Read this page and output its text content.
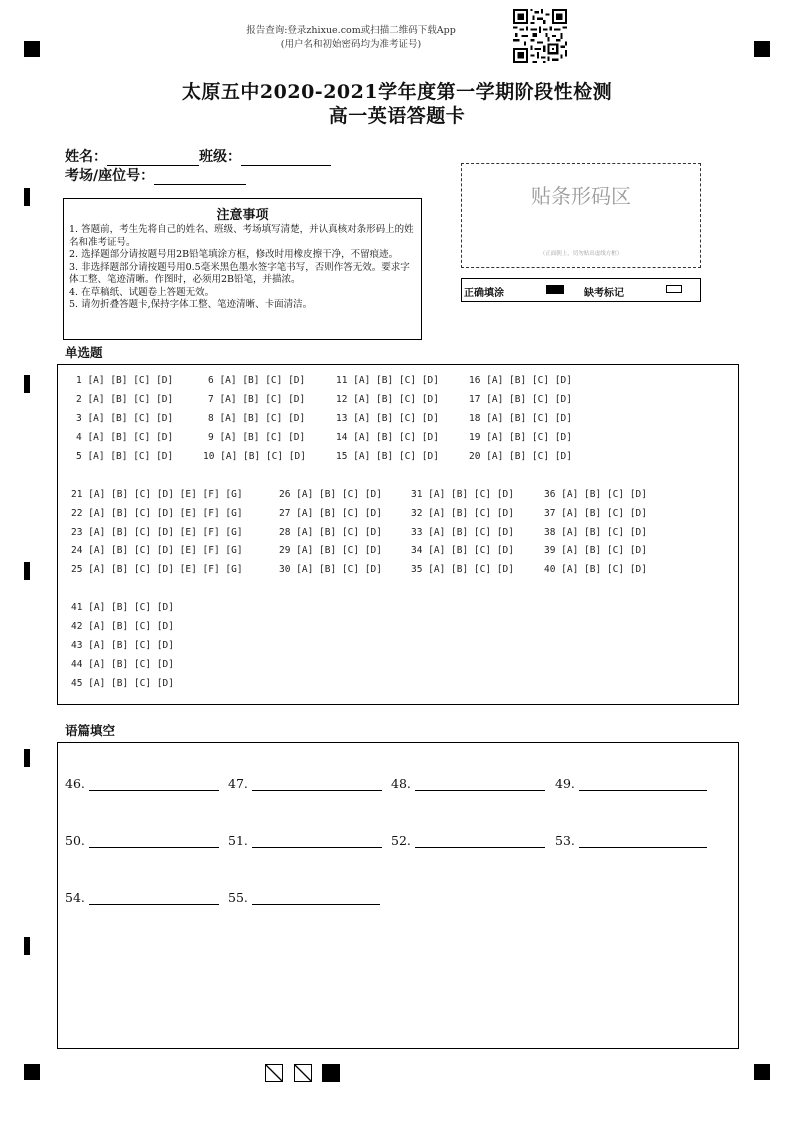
报告查询:登录zhixue.com或扫描二维码下载App
(用户名和初始密码均为准考证号)
太原五中2020-2021学年度第一学期阶段性检测
高一英语答题卡
姓名：	班级：
考场/座位号：
注意事项
1. 答题前，考生先将自己的姓名、班级、考场填写清楚，并认真核对条形码上的姓名和准考证号。
2. 选择题部分请按题号用2B铅笔填涂方框，修改时用橡皮擦干净，不留痕迹。
3. 非选择题部分请按题号用0.5毫米黑色墨水签字笔书写，否则作答无效。要求字体工整、笔迹清晰。作图时，必须用2B铅笔，并描浓。
4. 在草稿纸、试题卷上答题无效。
5. 请勿折叠答题卡,保持字体工整、笔迹清晰、卡面清洁。
贴条形码区
（正面朝上，切勿贴出虚线方框）
正确填涂	缺考标记
单选题
1 [A] [B] [C] [D]	6 [A] [B] [C] [D]	11 [A] [B] [C] [D]	16 [A] [B] [C] [D]
2 [A] [B] [C] [D]	7 [A] [B] [C] [D]	12 [A] [B] [C] [D]	17 [A] [B] [C] [D]
3 [A] [B] [C] [D]	8 [A] [B] [C] [D]	13 [A] [B] [C] [D]	18 [A] [B] [C] [D]
4 [A] [B] [C] [D]	9 [A] [B] [C] [D]	14 [A] [B] [C] [D]	19 [A] [B] [C] [D]
5 [A] [B] [C] [D]	10 [A] [B] [C] [D]	15 [A] [B] [C] [D]	20 [A] [B] [C] [D]
21 [A] [B] [C] [D] [E] [F] [G]	26 [A] [B] [C] [D]	31 [A] [B] [C] [D]	36 [A] [B] [C] [D]
22 [A] [B] [C] [D] [E] [F] [G]	27 [A] [B] [C] [D]	32 [A] [B] [C] [D]	37 [A] [B] [C] [D]
23 [A] [B] [C] [D] [E] [F] [G]	28 [A] [B] [C] [D]	33 [A] [B] [C] [D]	38 [A] [B] [C] [D]
24 [A] [B] [C] [D] [E] [F] [G]	29 [A] [B] [C] [D]	34 [A] [B] [C] [D]	39 [A] [B] [C] [D]
25 [A] [B] [C] [D] [E] [F] [G]	30 [A] [B] [C] [D]	35 [A] [B] [C] [D]	40 [A] [B] [C] [D]
41 [A] [B] [C] [D]
42 [A] [B] [C] [D]
43 [A] [B] [C] [D]
44 [A] [B] [C] [D]
45 [A] [B] [C] [D]
语篇填空
46.	47.	48.	49.
50.	51.	52.	53.
54.	55.
